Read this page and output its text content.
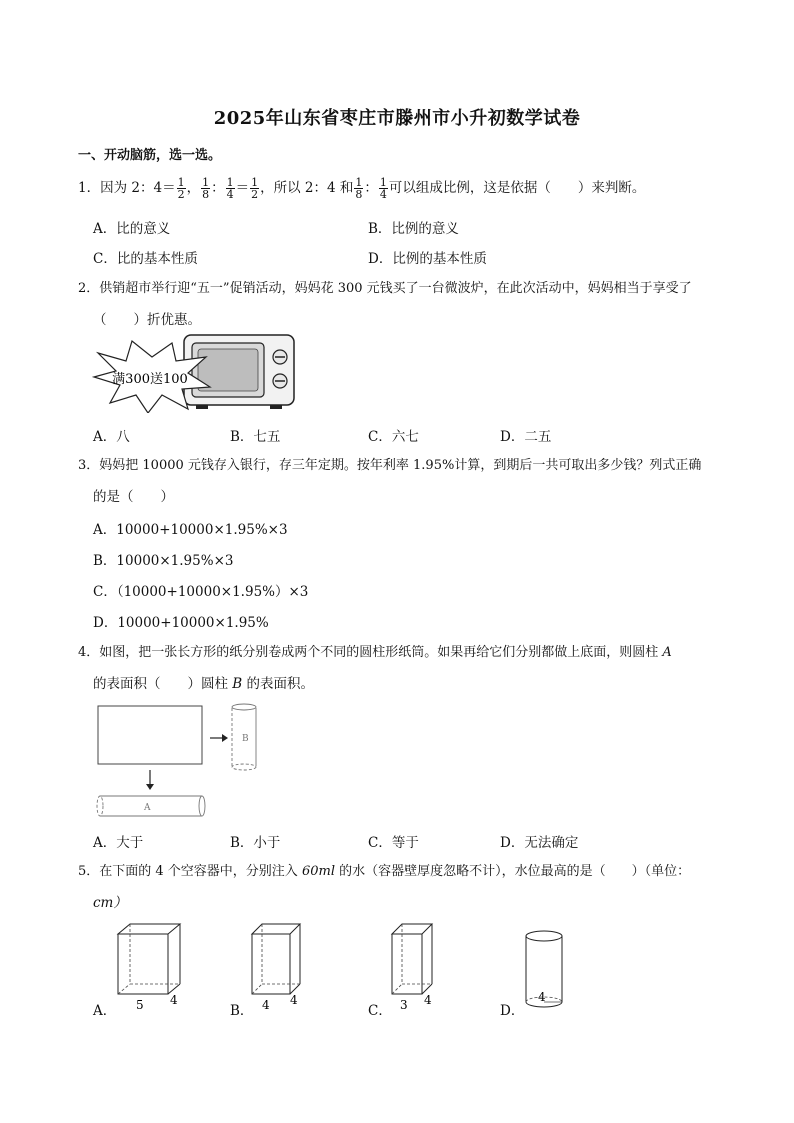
2025年山东省枣庄市滕州市小升初数学试卷
一、开动脑筋，选一选。
1．因为 2：$4= \frac{1}{2}$ ， $\frac{1}{8}$ ： $\frac{1}{4} = \frac{1}{2}$ ，所以 2：4 和 $\frac{1}{8}$ ： $\frac{1}{4}$ 可以组成比例，这是依据（　　）来判断。
A．比的意义	B．比例的意义
C．比的基本性质	D．比例的基本性质
2．供销超市举行迎“五一”促销活动，妈妈花 300 元钱买了一台微波炉，在此次活动中，妈妈相当于享受了
（　　）折优惠。
满300送100
A．八	B．七五	C．六七	D．二五
3．妈妈把 10000 元钱存入银行，存三年定期。按年利率 1.95%计算，到期后一共可取出多少钱？列式正确
的是（　　）
A．10000+10000×1.95%×3
B．10000×1.95%×3
C．（10000+10000×1.95%）×3
D．10000+10000×1.95%
4．如图，把一张长方形的纸分别卷成两个不同的圆柱形纸筒。如果再给它们分别都做上底面，则圆柱 A
的表面积（　　）圆柱 B 的表面积。
B
A
A．大于	B．小于	C．等于	D．无法确定
5．在下面的 4 个空容器中，分别注入 60ml 的水（容器壁厚度忽略不计），水位最高的是（　　）（单位：
cm）
A． 5 4
B． 4 4
C． 3 4
D．
4
